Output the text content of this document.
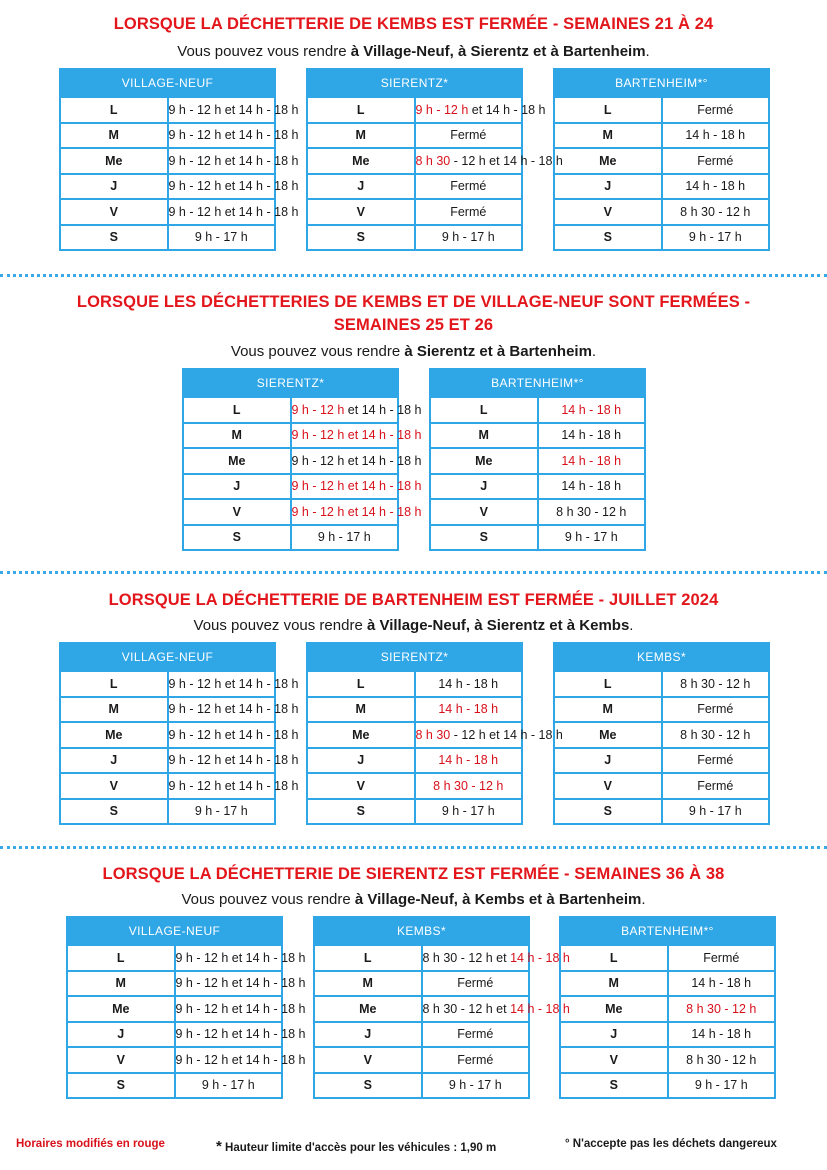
LORSQUE LA DÉCHETTERIE DE KEMBS EST FERMÉE - SEMAINES 21 À 24

Vous pouvez vous rendre à Village-Neuf, à Sierentz et à Bartenheim.

VILLAGE-NEUF	
L	9 h - 12 h et 14 h - 18 h
M	9 h - 12 h et 14 h - 18 h
Me	9 h - 12 h et 14 h - 18 h
J	9 h - 12 h et 14 h - 18 h
V	9 h - 12 h et 14 h - 18 h
S	9 h - 17 h
SIERENTZ*	
L	9 h - 12 h et 14 h - 18 h
M	Fermé
Me	8 h 30 - 12 h et 14 h - 18 h
J	Fermé
V	Fermé
S	9 h - 17 h
BARTENHEIM*°	
L	Fermé
M	14 h - 18 h
Me	Fermé
J	14 h - 18 h
V	8 h 30 - 12 h
S	9 h - 17 h

LORSQUE LES DÉCHETTERIES DE KEMBS ET DE VILLAGE-NEUF SONT FERMÉES -

SEMAINES 25 ET 26

Vous pouvez vous rendre à Sierentz et à Bartenheim.

SIERENTZ*	
L	9 h - 12 h et 14 h - 18 h
M	9 h - 12 h et 14 h - 18 h
Me	9 h - 12 h et 14 h - 18 h
J	9 h - 12 h et 14 h - 18 h
V	9 h - 12 h et 14 h - 18 h
S	9 h - 17 h
BARTENHEIM*°	
L	14 h - 18 h
M	14 h - 18 h
Me	14 h - 18 h
J	14 h - 18 h
V	8 h 30 - 12 h
S	9 h - 17 h

LORSQUE LA DÉCHETTERIE DE BARTENHEIM EST FERMÉE - JUILLET 2024

Vous pouvez vous rendre à Village-Neuf, à Sierentz et à Kembs.

VILLAGE-NEUF	
L	9 h - 12 h et 14 h - 18 h
M	9 h - 12 h et 14 h - 18 h
Me	9 h - 12 h et 14 h - 18 h
J	9 h - 12 h et 14 h - 18 h
V	9 h - 12 h et 14 h - 18 h
S	9 h - 17 h
SIERENTZ*	
L	14 h - 18 h
M	14 h - 18 h
Me	8 h 30 - 12 h et 14 h - 18 h
J	14 h - 18 h
V	8 h 30 - 12 h
S	9 h - 17 h
KEMBS*	
L	8 h 30 - 12 h
M	Fermé
Me	8 h 30 - 12 h
J	Fermé
V	Fermé
S	9 h - 17 h

LORSQUE LA DÉCHETTERIE DE SIERENTZ EST FERMÉE - SEMAINES 36 À 38

Vous pouvez vous rendre à Village-Neuf, à Kembs et à Bartenheim.

VILLAGE-NEUF	
L	9 h - 12 h et 14 h - 18 h
M	9 h - 12 h et 14 h - 18 h
Me	9 h - 12 h et 14 h - 18 h
J	9 h - 12 h et 14 h - 18 h
V	9 h - 12 h et 14 h - 18 h
S	9 h - 17 h
KEMBS*	
L	8 h 30 - 12 h et 14 h - 18 h
M	Fermé
Me	8 h 30 - 12 h et 14 h - 18 h
J	Fermé
V	Fermé
S	9 h - 17 h
BARTENHEIM*°	
L	Fermé
M	14 h - 18 h
Me	8 h 30 - 12 h
J	14 h - 18 h
V	8 h 30 - 12 h
S	9 h - 17 h
Horaires modifiés en rouge	* Hauteur limite d'accès pour les véhicules : 1,90 m	° N'accepte pas les déchets dangereux
